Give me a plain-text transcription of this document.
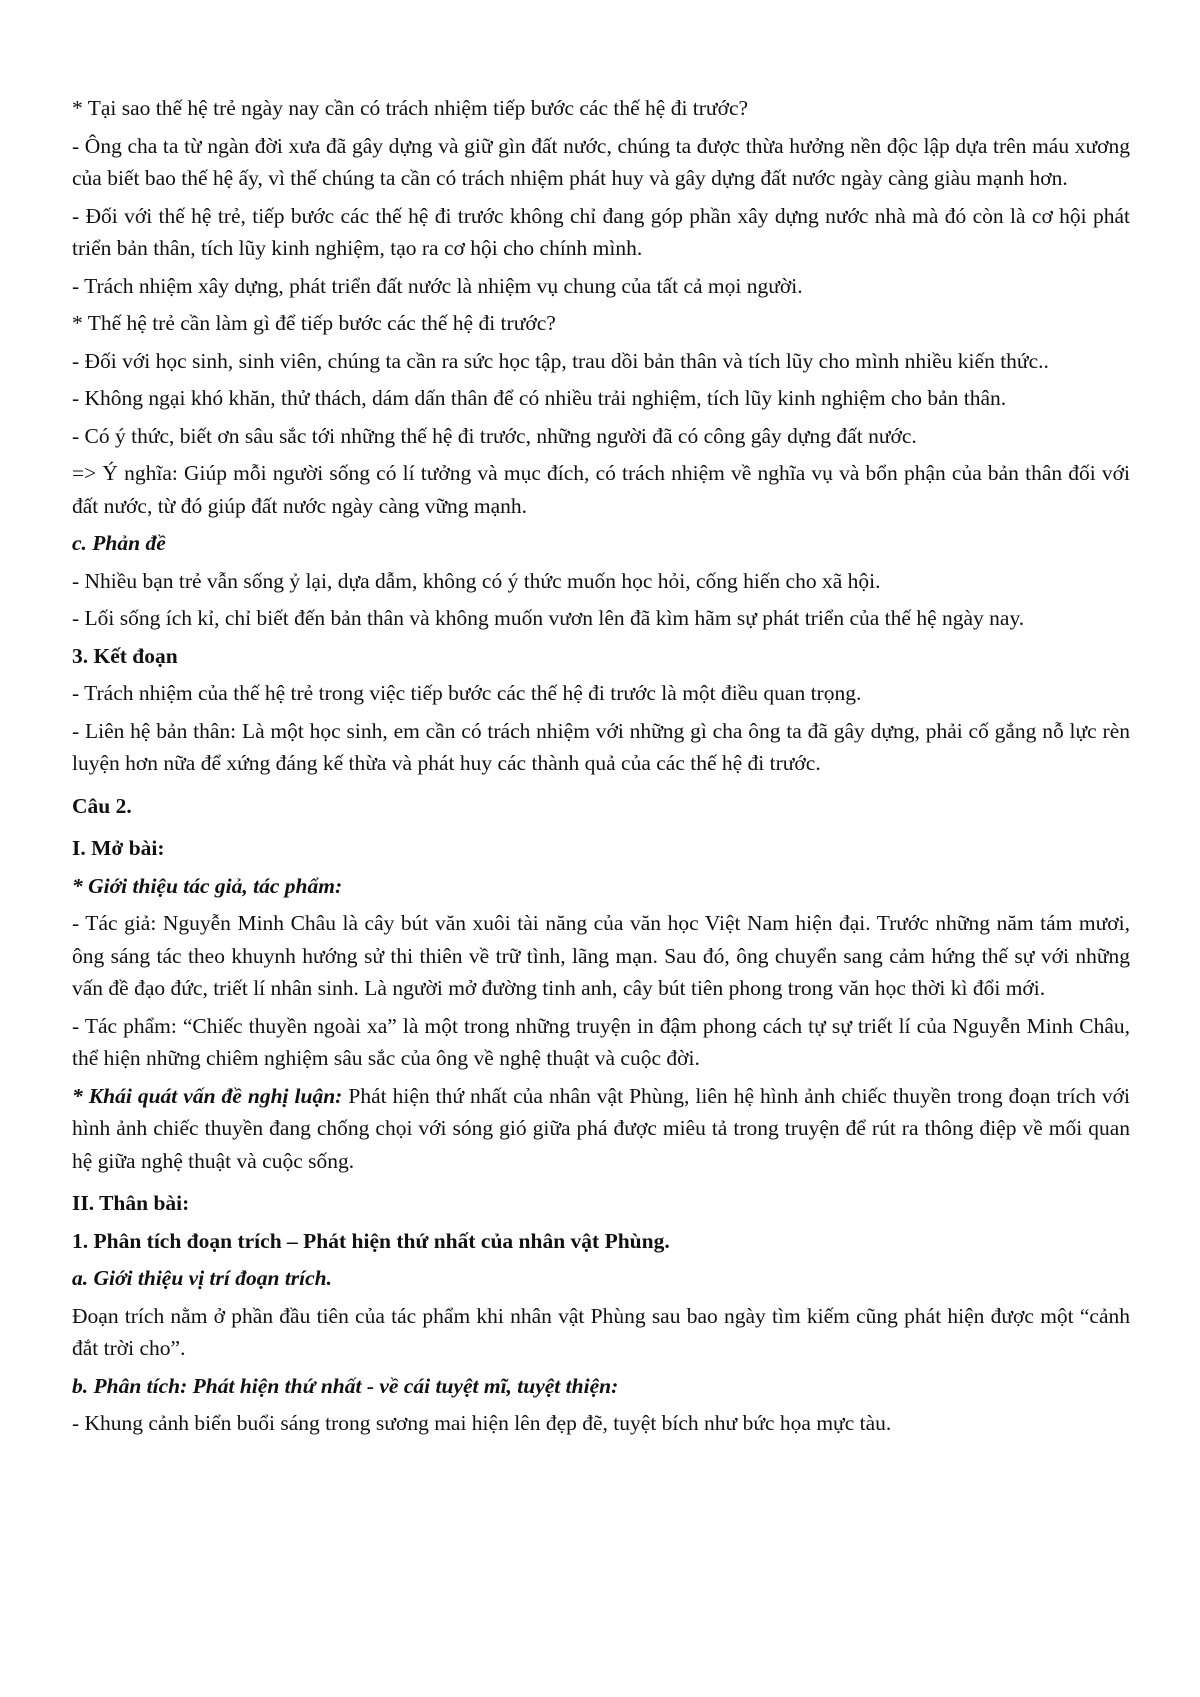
* Tại sao thế hệ trẻ ngày nay cần có trách nhiệm tiếp bước các thế hệ đi trước?

- Ông cha ta từ ngàn đời xưa đã gây dựng và giữ gìn đất nước, chúng ta được thừa hưởng nền độc lập dựa trên máu xương của biết bao thế hệ ấy, vì thế chúng ta cần có trách nhiệm phát huy và gây dựng đất nước ngày càng giàu mạnh hơn.

- Đối với thế hệ trẻ, tiếp bước các thế hệ đi trước không chỉ đang góp phần xây dựng nước nhà mà đó còn là cơ hội phát triển bản thân, tích lũy kinh nghiệm, tạo ra cơ hội cho chính mình.

- Trách nhiệm xây dựng, phát triển đất nước là nhiệm vụ chung của tất cả mọi người.

* Thế hệ trẻ cần làm gì để tiếp bước các thế hệ đi trước?

- Đối với học sinh, sinh viên, chúng ta cần ra sức học tập, trau dồi bản thân và tích lũy cho mình nhiều kiến thức..

- Không ngại khó khăn, thử thách, dám dấn thân để có nhiều trải nghiệm, tích lũy kinh nghiệm cho bản thân.

- Có ý thức, biết ơn sâu sắc tới những thế hệ đi trước, những người đã có công gây dựng đất nước.

=> Ý nghĩa: Giúp mỗi người sống có lí tưởng và mục đích, có trách nhiệm về nghĩa vụ và bổn phận của bản thân đối với đất nước, từ đó giúp đất nước ngày càng vững mạnh.

c. Phản đề

- Nhiều bạn trẻ vẫn sống ỷ lại, dựa dẫm, không có ý thức muốn học hỏi, cống hiến cho xã hội.

- Lối sống ích kỉ, chỉ biết đến bản thân và không muốn vươn lên đã kìm hãm sự phát triển của thế hệ ngày nay.

3. Kết đoạn

- Trách nhiệm của thế hệ trẻ trong việc tiếp bước các thế hệ đi trước là một điều quan trọng.

- Liên hệ bản thân: Là một học sinh, em cần có trách nhiệm với những gì cha ông ta đã gây dựng, phải cố gắng nỗ lực rèn luyện hơn nữa để xứng đáng kế thừa và phát huy các thành quả của các thế hệ đi trước.

Câu 2.

I. Mở bài:

* Giới thiệu tác giả, tác phẩm:

- Tác giả: Nguyễn Minh Châu là cây bút văn xuôi tài năng của văn học Việt Nam hiện đại. Trước những năm tám mươi, ông sáng tác theo khuynh hướng sử thi thiên về trữ tình, lãng mạn. Sau đó, ông chuyển sang cảm hứng thế sự với những vấn đề đạo đức, triết lí nhân sinh. Là người mở đường tinh anh, cây bút tiên phong trong văn học thời kì đổi mới.

- Tác phẩm: “Chiếc thuyền ngoài xa” là một trong những truyện in đậm phong cách tự sự triết lí của Nguyễn Minh Châu, thể hiện những chiêm nghiệm sâu sắc của ông về nghệ thuật và cuộc đời.

* Khái quát vấn đề nghị luận: Phát hiện thứ nhất của nhân vật Phùng, liên hệ hình ảnh chiếc thuyền trong đoạn trích với hình ảnh chiếc thuyền đang chống chọi với sóng gió giữa phá được miêu tả trong truyện để rút ra thông điệp về mối quan hệ giữa nghệ thuật và cuộc sống.

II. Thân bài:

1. Phân tích đoạn trích – Phát hiện thứ nhất của nhân vật Phùng.

a. Giới thiệu vị trí đoạn trích.

Đoạn trích nằm ở phần đầu tiên của tác phẩm khi nhân vật Phùng sau bao ngày tìm kiếm cũng phát hiện được một “cảnh đắt trời cho”.

b. Phân tích: Phát hiện thứ nhất - về cái tuyệt mĩ, tuyệt thiện:

- Khung cảnh biển buổi sáng trong sương mai hiện lên đẹp đẽ, tuyệt bích như bức họa mực tàu.
